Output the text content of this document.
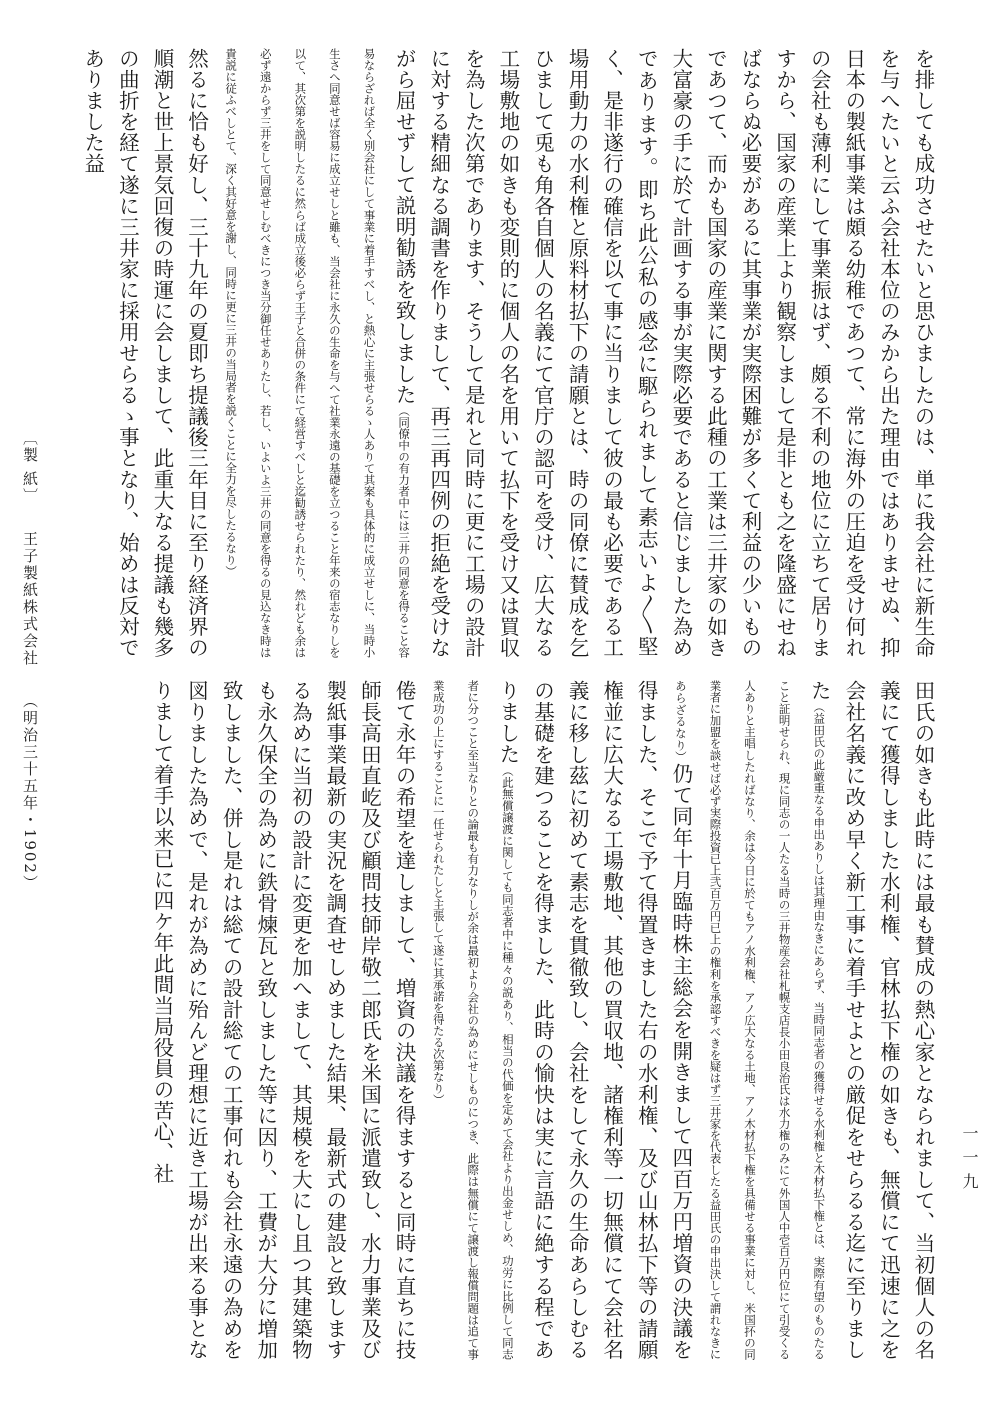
を排しても成功させたいと思ひましたのは、単に我会社に新生命を与へたいと云ふ会社本位のみから出た理由ではありませぬ、抑日本の製紙事業は頗る幼稚であつて、常に海外の圧迫を受け何れの会社も薄利にして事業振はず、頗る不利の地位に立ちて居りますから、国家の産業上より観察しまして是非とも之を隆盛にせねばならぬ必要があるに其事業が実際困難が多くて利益の少いものであつて、而かも国家の産業に関する此種の工業は三井家の如き大富豪の手に於て計画する事が実際必要であると信じました為めであります。即ち此公私の感念に駆られまして素志いよ〳〵堅く、是非遂行の確信を以て事に当りまして彼の最も必要である工場用動力の水利権と原料材払下の請願とは、時の同僚に賛成を乞ひまして兎も角各自個人の名義にて官庁の認可を受け、広大なる工場敷地の如きも変則的に個人の名を用いて払下を受け又は買収を為した次第であります、そうして是れと同時に更に工場の設計に対する精細なる調書を作りまして、再三再四例の拒絶を受けながら屈せずして説明勧誘を致しました（同僚中の有力者中には三井の同意を得ること容易ならざれば全く別会社にして事業に着手すべし、と熱心に主張せらるゝ人ありて其案も具体的に成立せしに、当時小生さへ同意せば容易に成立せしと雖も、当会社に永久の生命を与へて社業永遠の基礎を立つること年来の宿志なりしを以て、其次第を説明したるに然らば成立後必らず王子と合併の条件にて経営すべしと迄勧誘せられたり、然れども余は必ず遠からず三井をして同意せしむべきにつき当分御任せありたし、若し、いよいよ三井の同意を得るの見込なき時は貴説に従ふべしとて、深く其好意を謝し、同時に更に三井の当局者を説くことに全力を尽したるなり）
然るに恰も好し、三十九年の夏即ち提議後三年目に至り経済界の順潮と世上景気回復の時運に会しまして、此重大なる提議も幾多の曲折を経て遂に三井家に採用せらるゝ事となり、始めは反対でありました益
田氏の如きも此時には最も賛成の熱心家となられまして、当初個人の名義にて獲得しました水利権、官林払下権の如きも、無償にて迅速に之を会社名義に改め早く新工事に着手せよとの厳促をせらるる迄に至りました（益田氏の此厳重なる申出ありしは其理由なきにあらず、当時同志者の獲得せる水利権と木材払下権とは、実際有望のものたること証明せられ、現に同志の一人たる当時の三井物産会社札幌支店長小田良治氏は水力権のみにて外国人中壱百万円位にて引受くる人ありと主唱したればなり、余は今日に於てもアノ水利権、アノ広大なる土地、アノ木材払下権を具備せる事業に対し、米国抔の同業者に加盟を談せば必ず実際投資已上弐百万円已上の権利を承認すべきを疑はず三井家を代表したる益田氏の申出決して謂れなきにあらざるなり）仍て同年十月臨時株主総会を開きまして四百万円増資の決議を得ました、そこで予て得置きました右の水利権、及び山林払下等の請願権並に広大なる工場敷地、其他の買収地、諸権利等一切無償にて会社名義に移し茲に初めて素志を貫徹致し、会社をして永久の生命あらしむるの基礎を建つることを得ました、此時の愉快は実に言語に絶する程でありました（此無償譲渡に関しても同志者中に種々の説あり、相当の代価を定めて会社より出金せしめ、功労に比例して同志者に分つこと至当なりとの論最も有力なりしが余は最初より会社の為めにせしものにつき、此際は無償にて譲渡し報償問題は追て事業成功の上にすることに一任せられたしと主張して遂に其承諾を得たる次第なり）
倦て永年の希望を達しまして、増資の決議を得ますると同時に直ちに技師長高田直屹及び顧問技師岸敬二郎氏を米国に派遣致し、水力事業及び製紙事業最新の実況を調査せしめました結果、最新式の建設と致しまする為めに当初の設計に変更を加へまして、其規模を大にし且つ其建築物も永久保全の為めに鉄骨煉瓦と致しました等に因り、工費が大分に増加致しました、併し是れは総ての設計総ての工事何れも会社永遠の為めを図りました為めで、是れが為めに殆んど理想に近き工場が出来る事となりまして着手以来已に四ケ年此間当局役員の苦心、社
〔製 紙〕王子製紙株式会社（明治三十五年・1902）
一一九
